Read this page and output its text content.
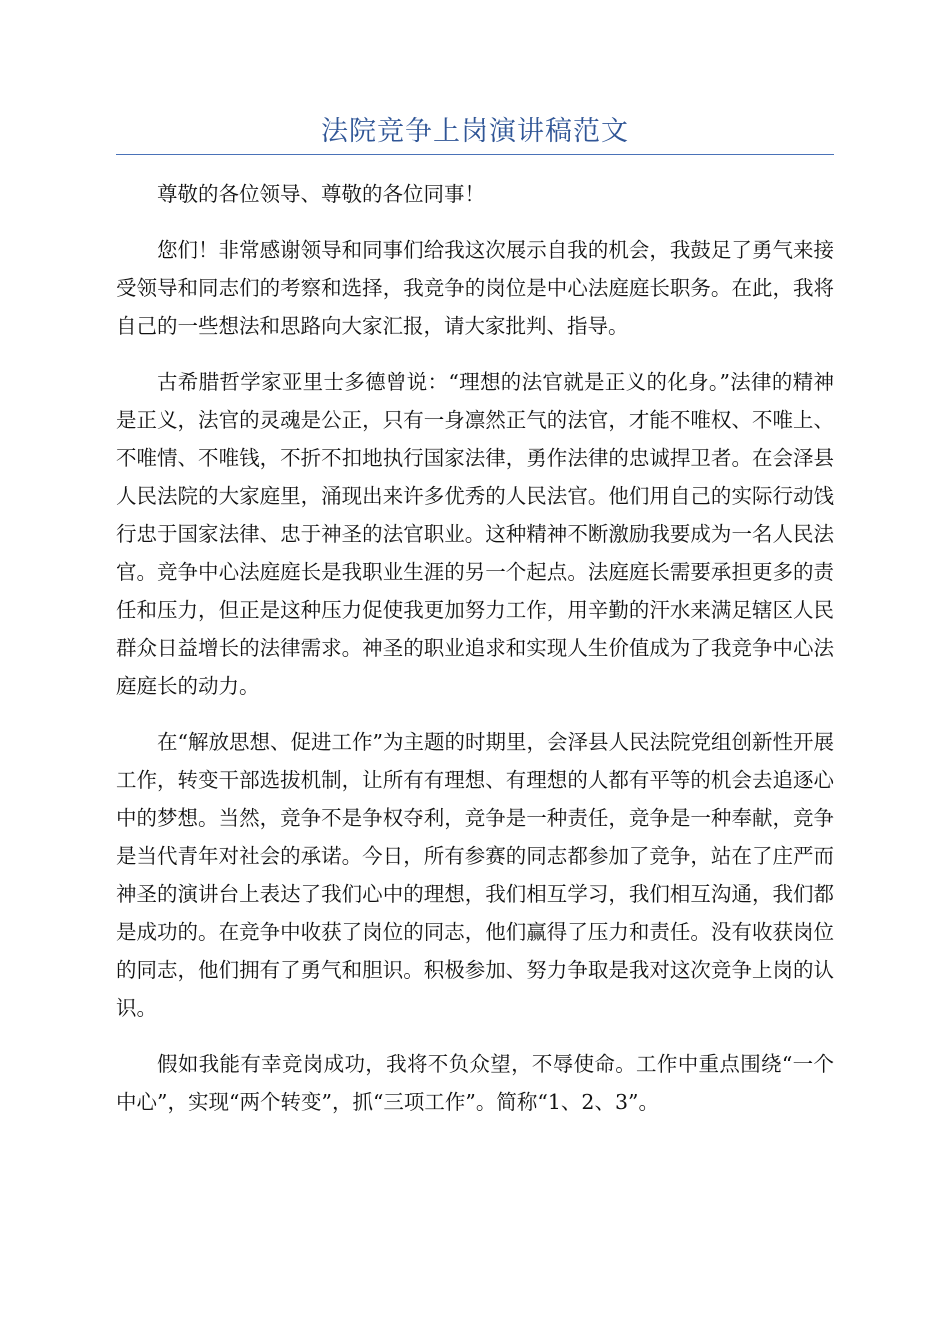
法院竞争上岗演讲稿范文

尊敬的各位领导、尊敬的各位同事！

您们！非常感谢领导和同事们给我这次展示自我的机会，我鼓足了勇气来接受领导和同志们的考察和选择，我竞争的岗位是中心法庭庭长职务。在此，我将自己的一些想法和思路向大家汇报，请大家批判、指导。

古希腊哲学家亚里士多德曾说：“理想的法官就是正义的化身。”法律的精神是正义，法官的灵魂是公正，只有一身凛然正气的法官，才能不唯权、不唯上、不唯情、不唯钱，不折不扣地执行国家法律，勇作法律的忠诚捍卫者。在会泽县人民法院的大家庭里，涌现出来许多优秀的人民法官。他们用自己的实际行动饯行忠于国家法律、忠于神圣的法官职业。这种精神不断激励我要成为一名人民法官。竞争中心法庭庭长是我职业生涯的另一个起点。法庭庭长需要承担更多的责任和压力，但正是这种压力促使我更加努力工作，用辛勤的汗水来满足辖区人民群众日益增长的法律需求。神圣的职业追求和实现人生价值成为了我竞争中心法庭庭长的动力。

在“解放思想、促进工作”为主题的时期里，会泽县人民法院党组创新性开展工作，转变干部选拔机制，让所有有理想、有理想的人都有平等的机会去追逐心中的梦想。当然，竞争不是争权夺利，竞争是一种责任，竞争是一种奉献，竞争是当代青年对社会的承诺。今日，所有参赛的同志都参加了竞争，站在了庄严而神圣的演讲台上表达了我们心中的理想，我们相互学习，我们相互沟通，我们都是成功的。在竞争中收获了岗位的同志，他们赢得了压力和责任。没有收获岗位的同志，他们拥有了勇气和胆识。积极参加、努力争取是我对这次竞争上岗的认识。

假如我能有幸竞岗成功，我将不负众望，不辱使命。工作中重点围绕“一个中心”，实现“两个转变”，抓“三项工作”。简称“1、2、3”。
